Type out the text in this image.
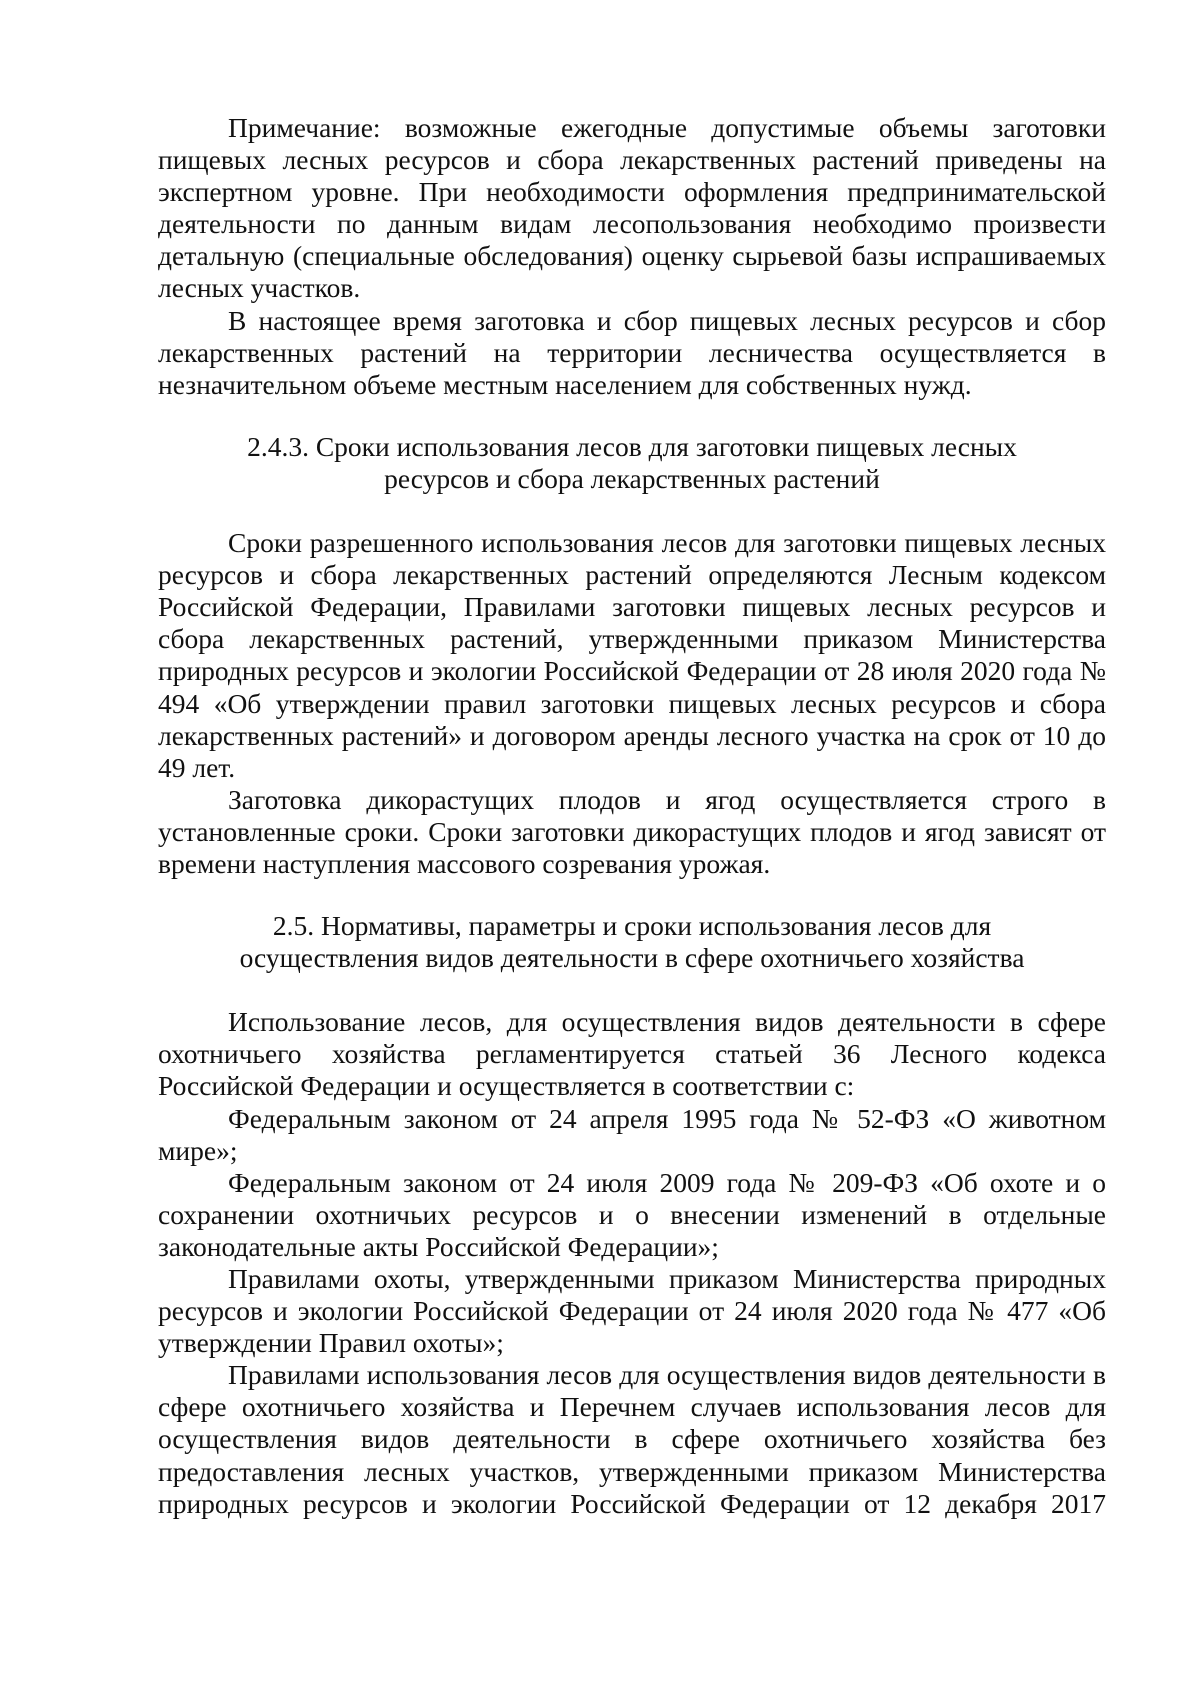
Примечание: возможные ежегодные допустимые объемы заготовки пищевых лесных ресурсов и сбора лекарственных растений приведены на экспертном уровне. При необходимости оформления предпринимательской деятельности по данным видам лесопользования необходимо произвести детальную (специальные обследования) оценку сырьевой базы испрашиваемых лесных участков.

В настоящее время заготовка и сбор пищевых лесных ресурсов и сбор лекарственных растений на территории лесничества осуществляется в незначительном объеме местным населением для собственных нужд.

2.4.3. Сроки использования лесов для заготовки пищевых лесных
ресурсов и сбора лекарственных растений

Сроки разрешенного использования лесов для заготовки пищевых лесных ресурсов и сбора лекарственных растений определяются Лесным кодексом Российской Федерации, Правилами заготовки пищевых лесных ресурсов и сбора лекарственных растений, утвержденными приказом Министерства природных ресурсов и экологии Российской Федерации от 28 июля 2020 года № 494 «Об утверждении правил заготовки пищевых лесных ресурсов и сбора лекарственных растений» и договором аренды лесного участка на срок от 10 до 49 лет.

Заготовка дикорастущих плодов и ягод осуществляется строго в установленные сроки. Сроки заготовки дикорастущих плодов и ягод зависят от времени наступления массового созревания урожая.

2.5. Нормативы, параметры и сроки использования лесов для
осуществления видов деятельности в сфере охотничьего хозяйства

Использование лесов, для осуществления видов деятельности в сфере охотничьего хозяйства регламентируется статьей 36 Лесного кодекса Российской Федерации и осуществляется в соответствии с:

Федеральным законом от 24 апреля 1995 года № 52-ФЗ «О животном мире»;

Федеральным законом от 24 июля 2009 года № 209-ФЗ «Об охоте и о сохранении охотничьих ресурсов и о внесении изменений в отдельные законодательные акты Российской Федерации»;

Правилами охоты, утвержденными приказом Министерства природных ресурсов и экологии Российской Федерации от 24 июля 2020 года № 477 «Об утверждении Правил охоты»;

Правилами использования лесов для осуществления видов деятельности в сфере охотничьего хозяйства и Перечнем случаев использования лесов для осуществления видов деятельности в сфере охотничьего хозяйства без предоставления лесных участков, утвержденными приказом Министерства природных ресурсов и экологии Российской Федерации от 12 декабря 2017
